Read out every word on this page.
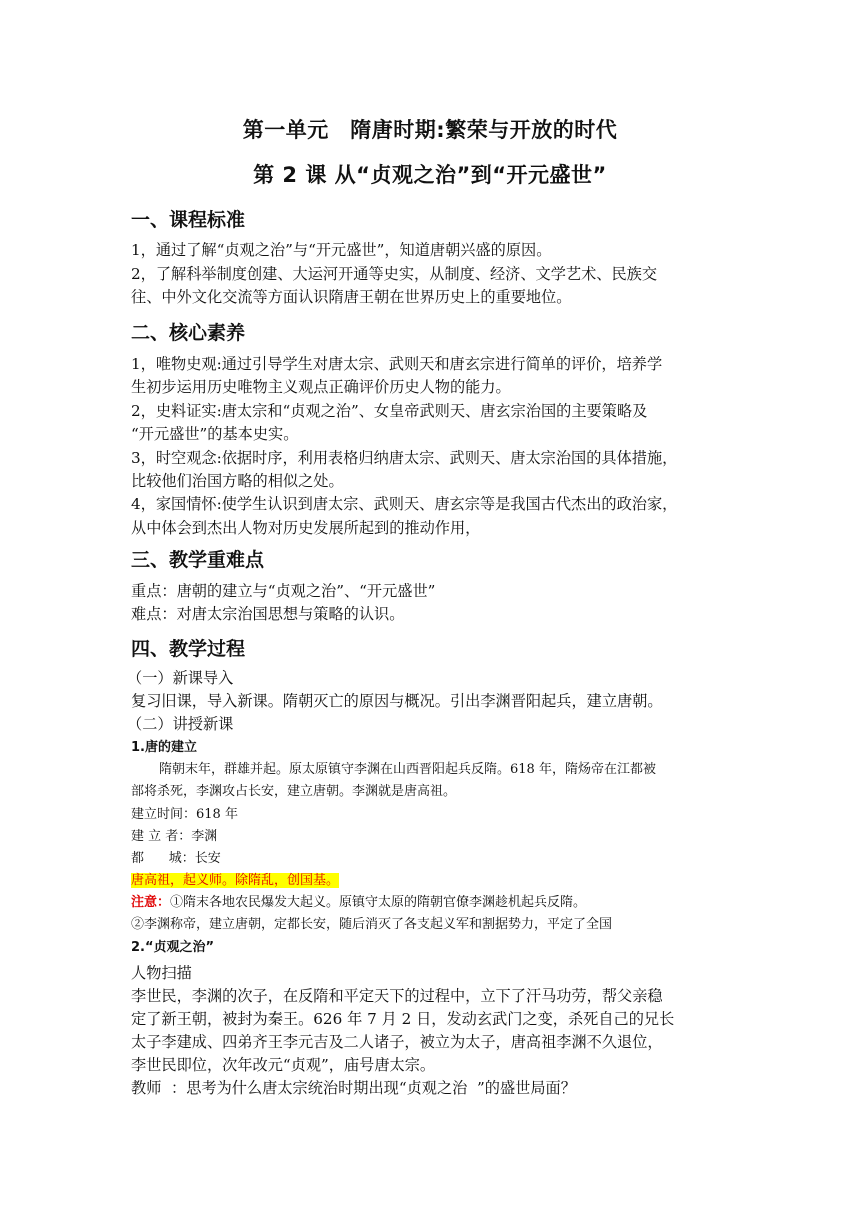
第一单元　隋唐时期:繁荣与开放的时代
第 2 课 从“贞观之治”到“开元盛世”
一、课程标准
1，通过了解“贞观之治”与“开元盛世”，知道唐朝兴盛的原因。
2，了解科举制度创建、大运河开通等史实，从制度、经济、文学艺术、民族交
往、中外文化交流等方面认识隋唐王朝在世界历史上的重要地位。
二、核心素养
1，唯物史观:通过引导学生对唐太宗、武则天和唐玄宗进行简单的评价，培养学
生初步运用历史唯物主义观点正确评价历史人物的能力。
2，史料证实:唐太宗和“贞观之治”、女皇帝武则天、唐玄宗治国的主要策略及
“开元盛世”的基本史实。
3，时空观念:依据时序，利用表格归纳唐太宗、武则天、唐太宗治国的具体措施，
比较他们治国方略的相似之处。
4，家国情怀:使学生认识到唐太宗、武则天、唐玄宗等是我国古代杰出的政治家，
从中体会到杰出人物对历史发展所起到的推动作用，
三、教学重难点
重点：唐朝的建立与“贞观之治”、“开元盛世”
难点：对唐太宗治国思想与策略的认识。
四、教学过程
（一）新课导入
复习旧课，导入新课。隋朝灭亡的原因与概况。引出李渊晋阳起兵，建立唐朝。
（二）讲授新课
1.唐的建立
隋朝末年，群雄并起。原太原镇守李渊在山西晋阳起兵反隋。618 年，隋炀帝在江都被
部将杀死，李渊攻占长安，建立唐朝。李渊就是唐高祖。
建立时间：618 年
建 立 者：李渊
都      城：长安
唐高祖，起义师。除隋乱，创国基。
注意：①隋末各地农民爆发大起义。原镇守太原的隋朝官僚李渊趁机起兵反隋。
②李渊称帝，建立唐朝，定都长安，随后消灭了各支起义军和割据势力，平定了全国
2.“贞观之治”
人物扫描
李世民，李渊的次子，在反隋和平定天下的过程中，立下了汗马功劳，帮父亲稳
定了新王朝，被封为秦王。626 年 7 月 2 日，发动玄武门之变，杀死自己的兄长
太子李建成、四弟齐王李元吉及二人诸子，被立为太子，唐高祖李渊不久退位，
李世民即位，次年改元“贞观”，庙号唐太宗。
教师  ：思考为什么唐太宗统治时期出现“贞观之治  ”的盛世局面？
